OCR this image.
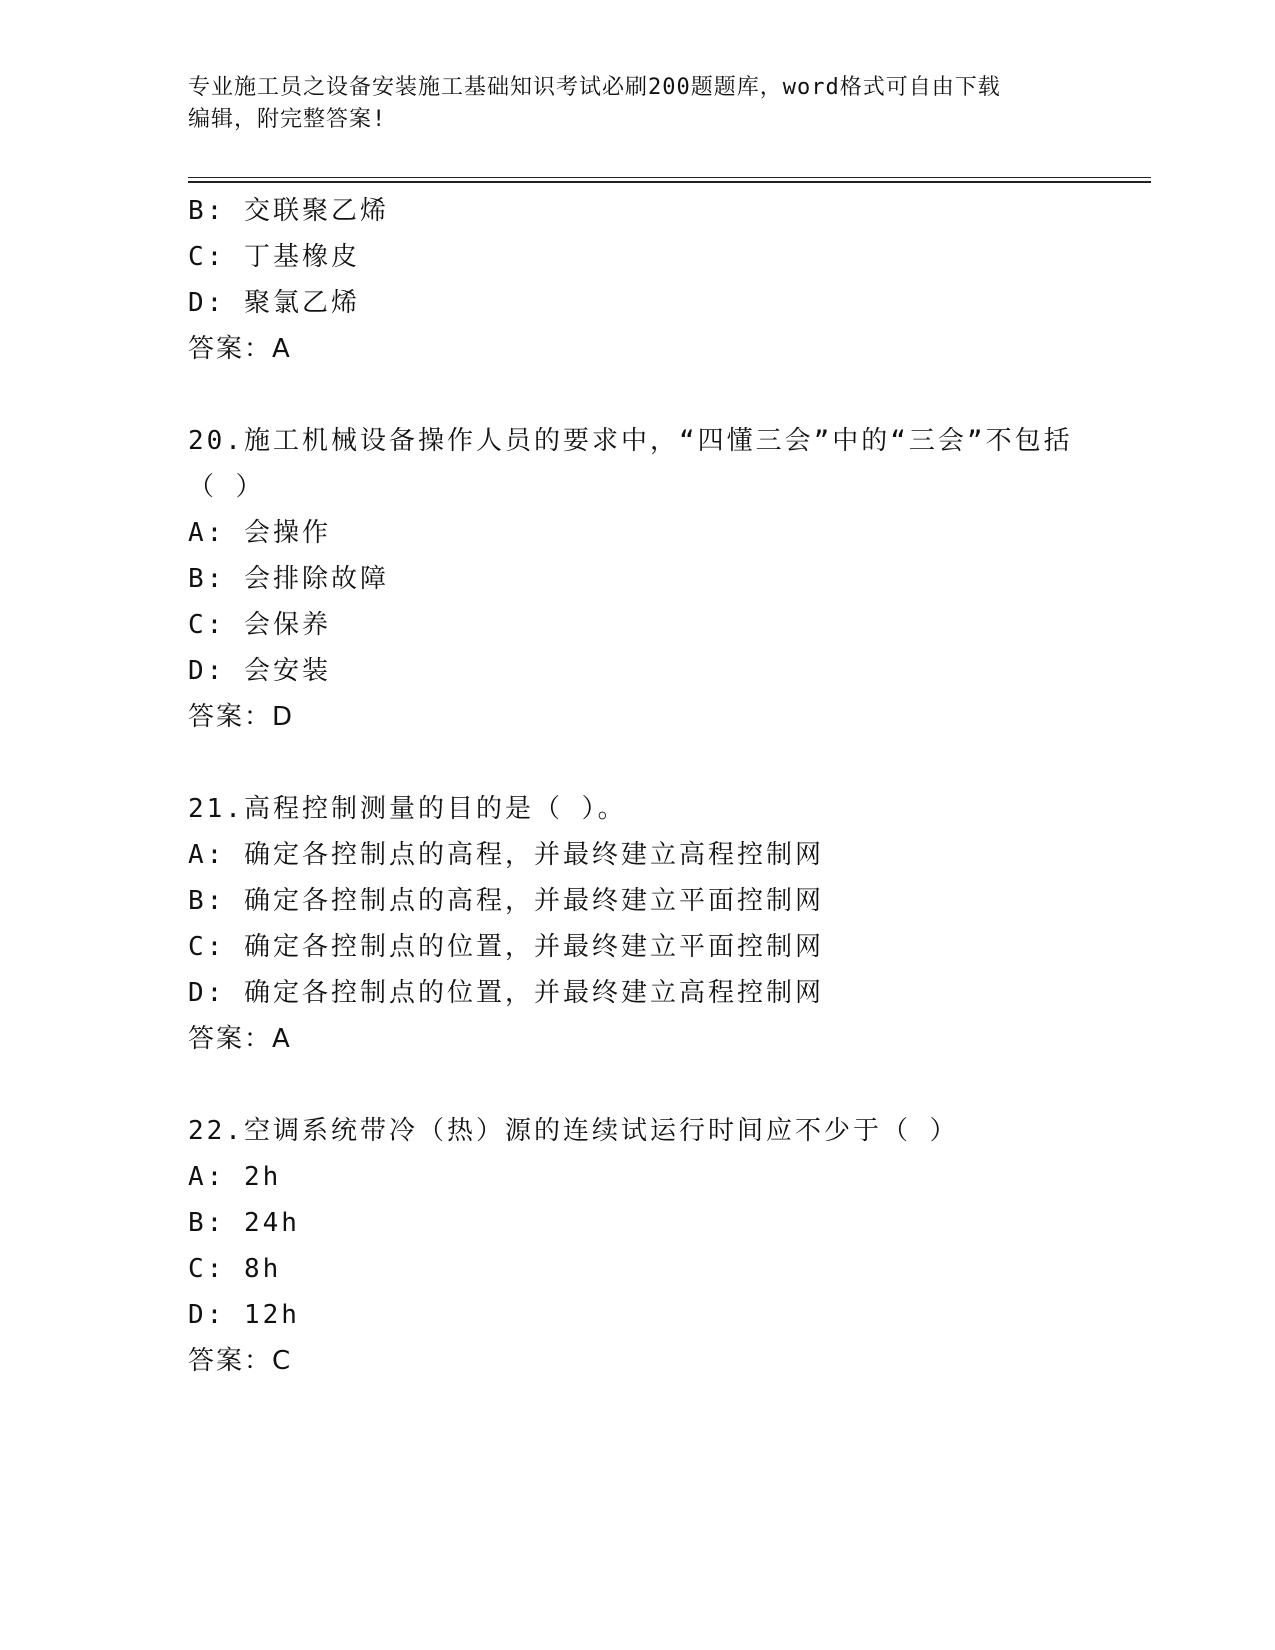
专业施工员之设备安装施工基础知识考试必刷200题题库，word格式可自由下载
编辑，附完整答案!
B: 交联聚乙烯
C: 丁基橡皮
D: 聚氯乙烯
答案：A
20.施工机械设备操作人员的要求中，“四懂三会”中的“三会”不包括（ ）
A: 会操作
B: 会排除故障
C: 会保养
D: 会安装
答案：D
21.高程控制测量的目的是（ ）。
A: 确定各控制点的高程，并最终建立高程控制网
B: 确定各控制点的高程，并最终建立平面控制网
C: 确定各控制点的位置，并最终建立平面控制网
D: 确定各控制点的位置，并最终建立高程控制网
答案：A
22.空调系统带冷（热）源的连续试运行时间应不少于（ ）
A: 2h
B: 24h
C: 8h
D: 12h
答案：C
